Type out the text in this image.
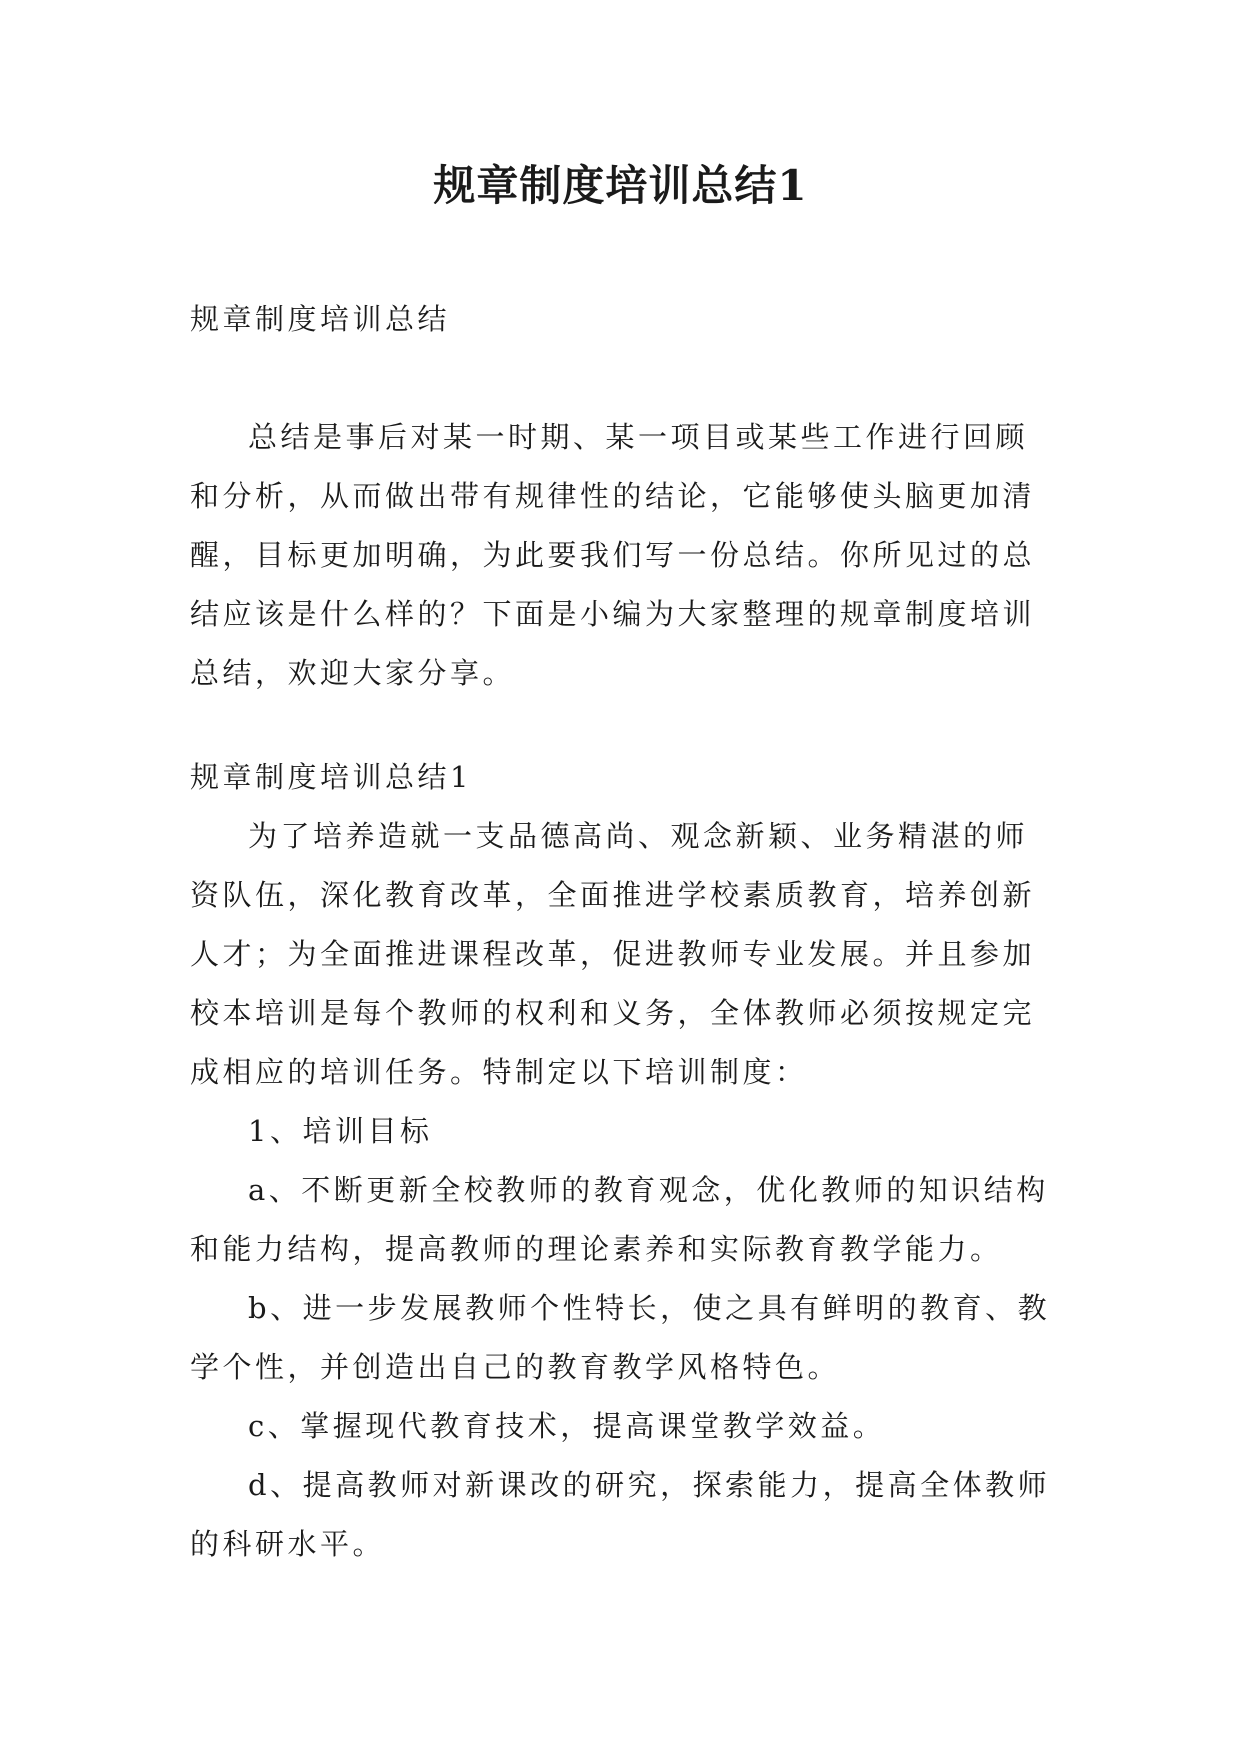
规章制度培训总结1

规章制度培训总结

总结是事后对某一时期、某一项目或某些工作进行回顾和分析，从而做出带有规律性的结论，它能够使头脑更加清醒，目标更加明确，为此要我们写一份总结。你所见过的总结应该是什么样的？下面是小编为大家整理的规章制度培训总结，欢迎大家分享。

规章制度培训总结1

为了培养造就一支品德高尚、观念新颖、业务精湛的师资队伍，深化教育改革，全面推进学校素质教育，培养创新人才；为全面推进课程改革，促进教师专业发展。并且参加校本培训是每个教师的权利和义务，全体教师必须按规定完成相应的培训任务。特制定以下培训制度：

1、培训目标

a、不断更新全校教师的教育观念，优化教师的知识结构和能力结构，提高教师的理论素养和实际教育教学能力。

b、进一步发展教师个性特长，使之具有鲜明的教育、教学个性，并创造出自己的教育教学风格特色。

c、掌握现代教育技术，提高课堂教学效益。

d、提高教师对新课改的研究，探索能力，提高全体教师的科研水平。
